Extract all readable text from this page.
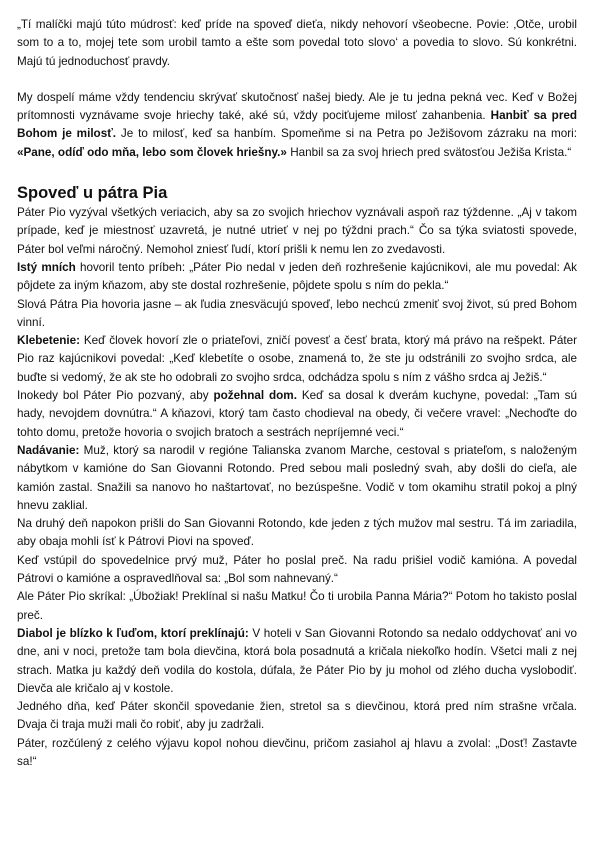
„Tí malíčki majú túto múdrosť: keď príde na spoveď dieťa, nikdy nehovorí všeobecne. Povie: ‚Otče, urobil som to a to, mojej tete som urobil tamto a ešte som povedal toto slovo‘ a povedia to slovo. Sú konkrétni. Majú tú jednoduchosť pravdy.

My dospelí máme vždy tendenciu skrývať skutočnosť našej biedy. Ale je tu jedna pekná vec. Keď v Božej prítomnosti vyznávame svoje hriechy také, aké sú, vždy pociťujeme milosť zahanbenia. Hanbiť sa pred Bohom je milosť. Je to milosť, keď sa hanbím. Spomeňme si na Petra po Ježišovom zázraku na mori: «Pane, odíď odo mňa, lebo som človek hriešny.» Hanbil sa za svoj hriech pred svätosťou Ježiša Krista.“

Spoveď u pátra Pia

Páter Pio vyzýval všetkých veriacich, aby sa zo svojich hriechov vyznávali aspoň raz týždenne. „Aj v takom prípade, keď je miestnosť uzavretá, je nutné utrieť v nej po týždni prach.“ Čo sa týka sviatosti spovede, Páter bol veľmi náročný. Nemohol zniesť ľudí, ktorí prišli k nemu len zo zvedavosti.

Istý mních hovoril tento príbeh: „Páter Pio nedal v jeden deň rozhrešenie kajúcnikovi, ale mu povedal: Ak pôjdete za iným kňazom, aby ste dostal rozhrešenie, pôjdete spolu s ním do pekla.“

Slová Pátra Pia hovoria jasne – ak ľudia znesväcujú spoveď, lebo nechcú zmeniť svoj život, sú pred Bohom vinní.

Klebetenie: Keď človek hovorí zle o priateľovi, zničí povesť a česť brata, ktorý má právo na rešpekt. Páter Pio raz kajúcnikovi povedal: „Keď klebetíte o osobe, znamená to, že ste ju odstránili zo svojho srdca, ale buďte si vedomý, že ak ste ho odobrali zo svojho srdca, odchádza spolu s ním z vášho srdca aj Ježiš.“

Inokedy bol Páter Pio pozvaný, aby požehnal dom. Keď sa dosal k dverám kuchyne, povedal: „Tam sú hady, nevojdem dovnútra.“ A kňazovi, ktorý tam často chodieval na obedy, či večere vravel: „Nechoďte do tohto domu, pretože hovoria o svojich bratoch a sestrách nepríjemné veci.“

Nadávanie: Muž, ktorý sa narodil v regióne Talianska zvanom Marche, cestoval s priateľom, s naloženým nábytkom v kamióne do San Giovanni Rotondo. Pred sebou mali posledný svah, aby došli do cieľa, ale kamión zastal. Snažili sa nanovo ho naštartovať, no bezúspešne. Vodič v tom okamihu stratil pokoj a plný hnevu zaklial.

Na druhý deň napokon prišli do San Giovanni Rotondo, kde jeden z tých mužov mal sestru. Tá im zariadila, aby obaja mohli ísť k Pátrovi Piovi na spoveď.

Keď vstúpil do spovedelnice prvý muž, Páter ho poslal preč. Na radu prišiel vodič kamióna. A povedal Pátrovi o kamióne a ospravedlňoval sa: „Bol som nahnevaný.“

Ale Páter Pio skríkal: „Úbožiak! Preklínal si našu Matku! Čo ti urobila Panna Mária?“ Potom ho takisto poslal preč.

Diabol je blízko k ľuďom, ktorí preklínajú: V hoteli v San Giovanni Rotondo sa nedalo oddychovať ani vo dne, ani v noci, pretože tam bola dievčina, ktorá bola posadnutá a kričala niekoľko hodín. Všetci mali z nej strach. Matka ju každý deň vodila do kostola, dúfala, že Páter Pio by ju mohol od zlého ducha vyslobodiť. Dievča ale kričalo aj v kostole.

Jedného dňa, keď Páter skončil spovedanie žien, stretol sa s dievčinou, ktorá pred ním strašne vrčala. Dvaja či traja muži mali čo robiť, aby ju zadržali.

Páter, rozčúlený z celého výjavu kopol nohou dievčinu, pričom zasiahol aj hlavu a zvolal: „Dosť! Zastavte sa!“
